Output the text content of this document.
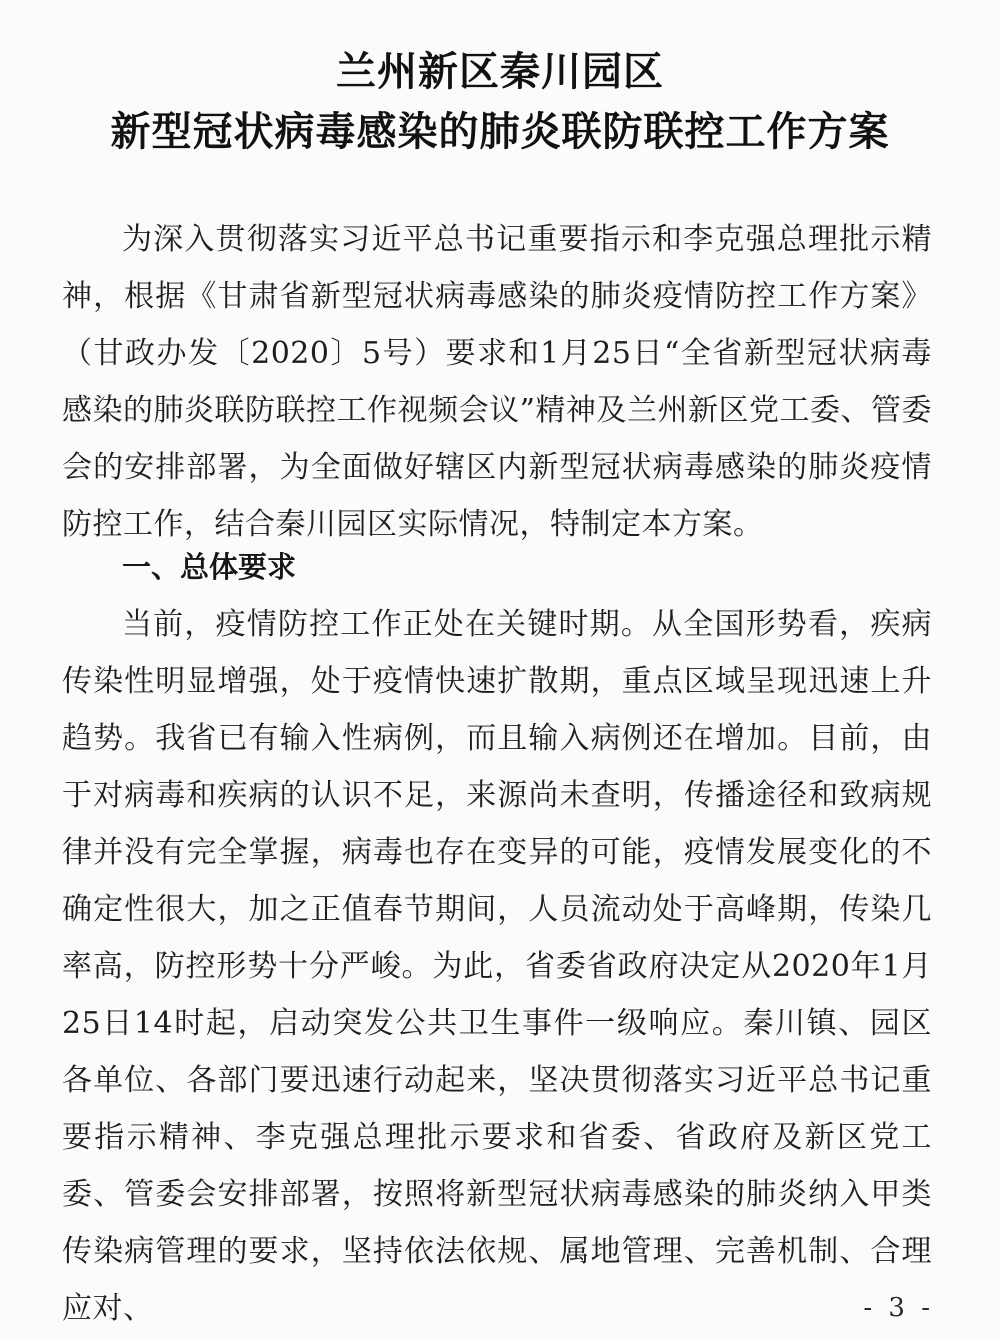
兰州新区秦川园区
新型冠状病毒感染的肺炎联防联控工作方案
为深入贯彻落实习近平总书记重要指示和李克强总理批示精神，根据《甘肃省新型冠状病毒感染的肺炎疫情防控工作方案》（甘政办发〔2020〕5号）要求和1月25日“全省新型冠状病毒感染的肺炎联防联控工作视频会议”精神及兰州新区党工委、管委会的安排部署，为全面做好辖区内新型冠状病毒感染的肺炎疫情防控工作，结合秦川园区实际情况，特制定本方案。
一、总体要求
当前，疫情防控工作正处在关键时期。从全国形势看，疾病传染性明显增强，处于疫情快速扩散期，重点区域呈现迅速上升趋势。我省已有输入性病例，而且输入病例还在增加。目前，由于对病毒和疾病的认识不足，来源尚未查明，传播途径和致病规律并没有完全掌握，病毒也存在变异的可能，疫情发展变化的不确定性很大，加之正值春节期间，人员流动处于高峰期，传染几率高，防控形势十分严峻。为此，省委省政府决定从2020年1月25日14时起，启动突发公共卫生事件一级响应。秦川镇、园区各单位、各部门要迅速行动起来，坚决贯彻落实习近平总书记重要指示精神、李克强总理批示要求和省委、省政府及新区党工委、管委会安排部署，按照将新型冠状病毒感染的肺炎纳入甲类传染病管理的要求，坚持依法依规、属地管理、完善机制、合理应对、	- 3 -
